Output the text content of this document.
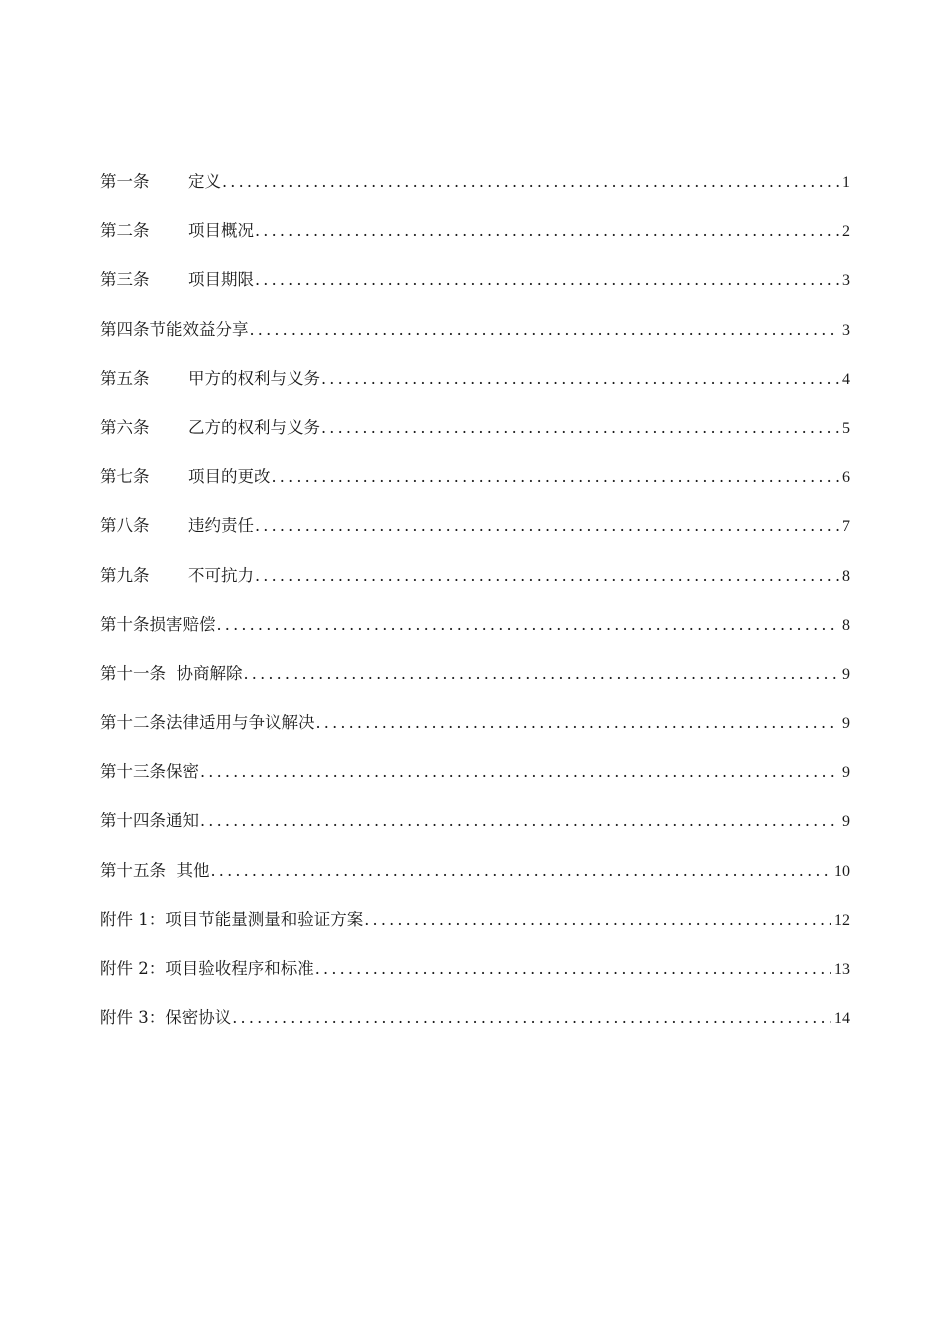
第一条	定义 .....	1
第二条	项目概况 .....	2
第三条	项目期限 .....	3
第四条节能效益分享 .....	3
第五条	甲方的权利与义务 .....	4
第六条	乙方的权利与义务 .....	5
第七条	项目的更改 .....	6
第八条	违约责任 .....	7
第九条	不可抗力 .....	8
第十条损害赔偿 .....	8
第十一条  协商解除 .....	9
第十二条法律适用与争议解决 .....	9
第十三条保密 .....	9
第十四条通知 .....	9
第十五条  其他 .....	10
附件 1：项目节能量测量和验证方案 .....	12
附件 2：项目验收程序和标准 .....	13
附件 3：保密协议 .....	14
